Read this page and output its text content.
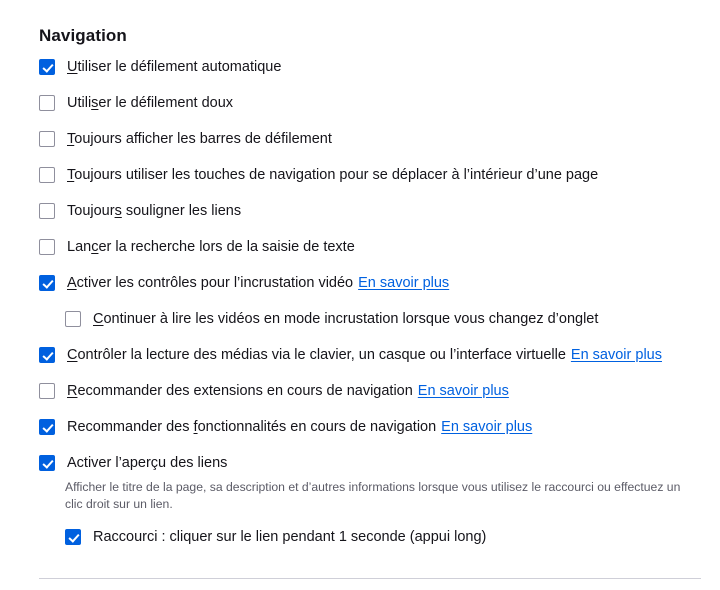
Navigation
Utiliser le défilement automatique
Utiliser le défilement doux
Toujours afficher les barres de défilement
Toujours utiliser les touches de navigation pour se déplacer à l’intérieur d’une page
Toujours souligner les liens
Lancer la recherche lors de la saisie de texte
Activer les contrôles pour l’incrustation vidéo En savoir plus
Continuer à lire les vidéos en mode incrustation lorsque vous changez d’onglet
Contrôler la lecture des médias via le clavier, un casque ou l’interface virtuelle En savoir plus
Recommander des extensions en cours de navigation En savoir plus
Recommander des fonctionnalités en cours de navigation En savoir plus
Activer l’aperçu des liens
Raccourci : cliquer sur le lien pendant 1 seconde (appui long)
Afficher le titre de la page, sa description et d’autres informations lorsque vous utilisez le raccourci ou effectuez un clic droit sur un lien.
